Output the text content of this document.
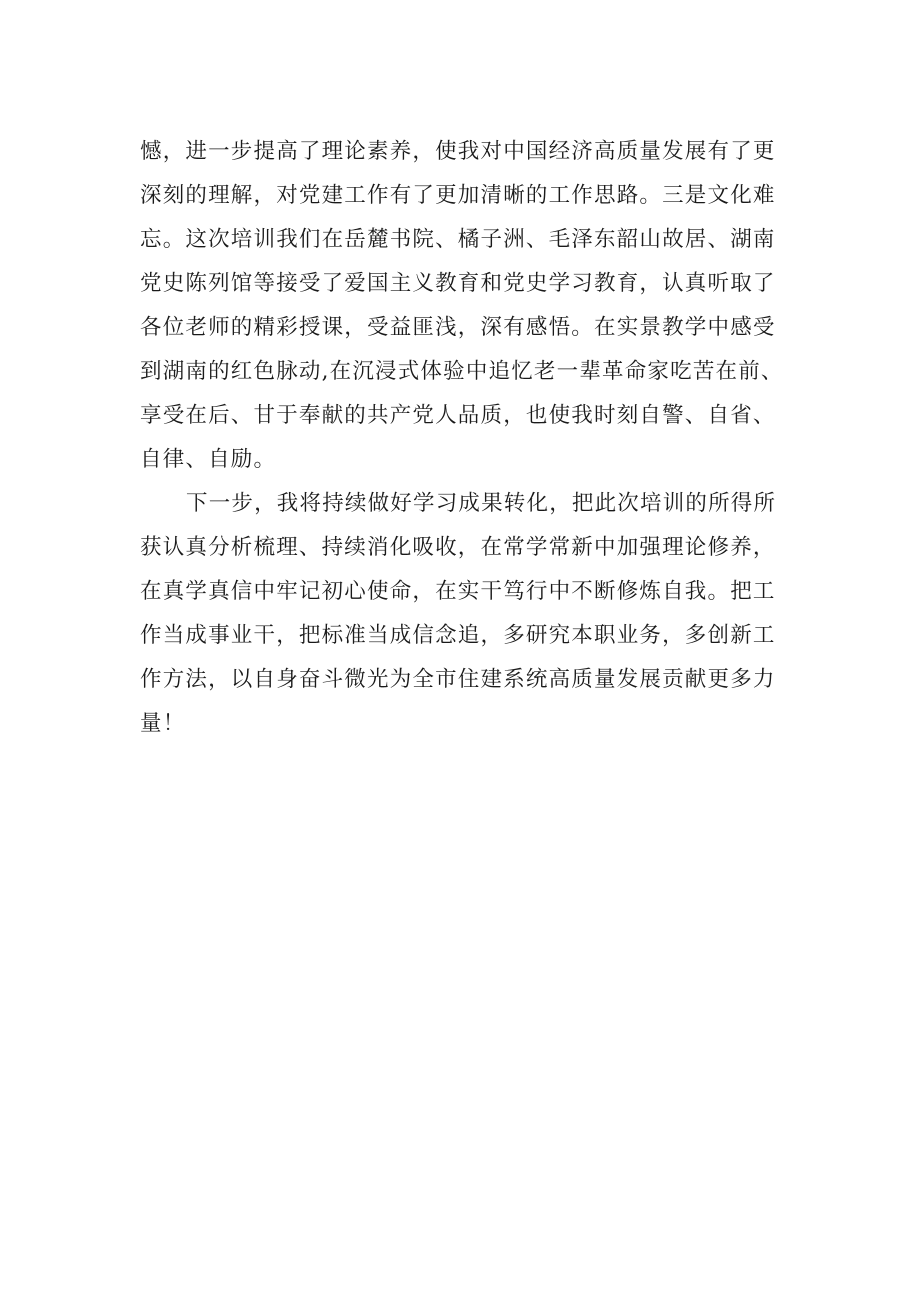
憾，进一步提高了理论素养，使我对中国经济高质量发展有了更
深刻的理解，对党建工作有了更加清晰的工作思路。三是文化难
忘。这次培训我们在岳麓书院、橘子洲、毛泽东韶山故居、湖南
党史陈列馆等接受了爱国主义教育和党史学习教育，认真听取了
各位老师的精彩授课，受益匪浅，深有感悟。在实景教学中感受
到湖南的红色脉动,在沉浸式体验中追忆老一辈革命家吃苦在前、
享受在后、甘于奉献的共产党人品质，也使我时刻自警、自省、
自律、自励。
下一步，我将持续做好学习成果转化，把此次培训的所得所
获认真分析梳理、持续消化吸收，在常学常新中加强理论修养，
在真学真信中牢记初心使命，在实干笃行中不断修炼自我。把工
作当成事业干，把标准当成信念追，多研究本职业务，多创新工
作方法，以自身奋斗微光为全市住建系统高质量发展贡献更多力
量！
